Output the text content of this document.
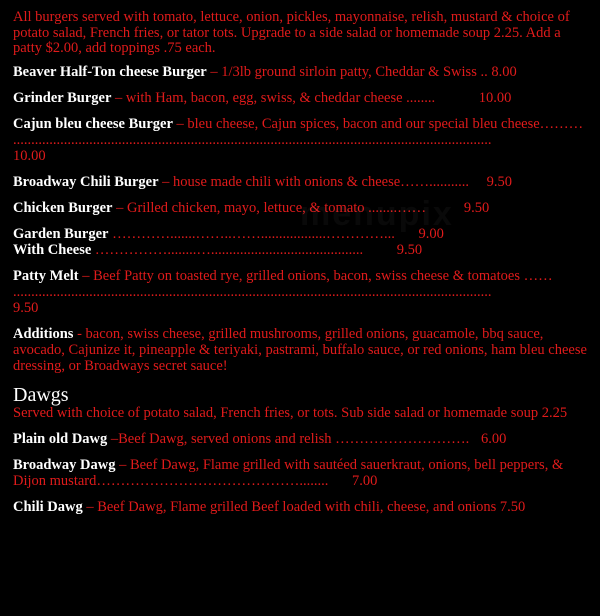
All burgers served with tomato, lettuce, onion, pickles, mayonnaise, relish, mustard & choice of potato salad, French fries, or tator tots. Upgrade to a side salad or homemade soup 2.25. Add a patty $2.00, add toppings .75 each.

Beaver Half-Ton cheese Burger – 1/3lb ground sirloin patty, Cheddar & Swiss .. 8.00
Grinder Burger – with Ham, bacon, egg, swiss, & cheddar cheese ........	10.00
Cajun bleu cheese Burger – bleu cheese, Cajun spices, bacon and our special bleu cheese………
....................................................................................................................................
10.00
Broadway Chili Burger – house made chili with onions & cheese……........... 9.50
Chicken Burger – Grilled chicken, mayo, lettuce, & tomato ........……	9.50
Garden Burger ………….......……..……..................…………... 9.00
With Cheese ……………........….......................................... 9.50
Patty Melt – Beef Patty on toasted rye, grilled onions, bacon, swiss cheese & tomatoes ……
....................................................................................................................................
9.50
Additions - bacon, swiss cheese, grilled mushrooms, grilled onions, guacamole, bbq sauce, avocado, Cajunize it, pineapple & teriyaki, pastrami, buffalo sauce, or red onions, ham bleu cheese dressing, or Broadways secret sauce!
Dawgs

Served with choice of potato salad, French fries, or tots. Sub side salad or homemade soup 2.25

Plain old Dawg –Beef Dawg, served onions and relish ………………………. 6.00
Broadway Dawg – Beef Dawg, Flame grilled with sautéed sauerkraut, onions, bell peppers, & Dijon mustard……………………………………........ 7.00
Chili Dawg – Beef Dawg, Flame grilled Beef loaded with chili, cheese, and onions 7.50
